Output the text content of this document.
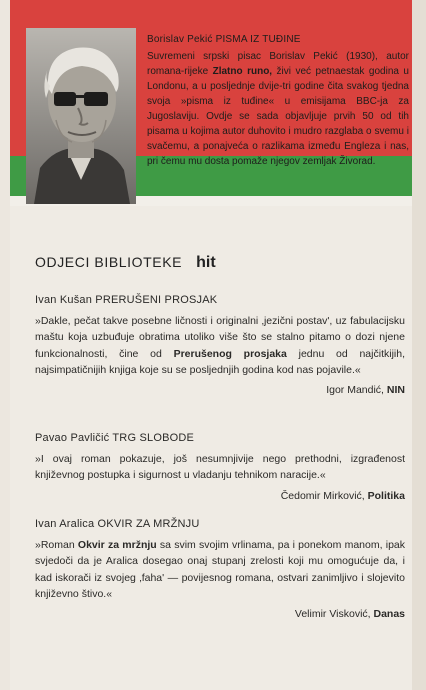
Borislav Pekić PISMA IZ TUĐINE
Suvremeni srpski pisac Borislav Pekić (1930), autor romana-rijeke Zlatno runo, živi već petnaestak godina u Londonu, a u posljednje dvije-tri godine čita svakog tjedna svoja »pisma iz tuđine« u emisijama BBC-ja za Jugoslaviju. Ovdje se sada objavljuje prvih 50 od tih pisama u kojima autor duhovito i mudro razglaba o svemu i svačemu, a ponajveća o razlikama između Engleza i nas, pri čemu mu dosta pomaže njegov zemljak Živorad.
ODJECI BIBLIOTEKE hit
Ivan Kušan PRERUŠENI PROSJAK
»Dakle, pečat takve posebne ličnosti i originalni ‚jezični postav', uz fabulacijsku maštu koja uzbuđuje obratima utoliko više što se stalno pitamo o dozi njene funkcionalnosti, čine od Prerušenog prosjaka jednu od najčitkijih, najsimpatičnijih knjiga koje su se posljednjih godina kod nas pojavile.«
Igor Mandić, NIN
Pavao Pavličić TRG SLOBODE
»I ovaj roman pokazuje, još nesumnjivije nego prethodni, izgrađenost književnog postupka i sigurnost u vladanju tehnikom naracije.«
Čedomir Mirković, Politika
Ivan Aralica OKVIR ZA MRŽNJU
»Roman Okvir za mržnju sa svim svojim vrlinama, pa i ponekom manom, ipak svjedoči da je Aralica dosegao onaj stupanj zrelosti koji mu omogućuje da, i kad iskorači iz svojeg ‚faha' — povijesnog romana, ostvari zanimljivo i slojevito književno štivo.«
Velimir Visković, Danas
